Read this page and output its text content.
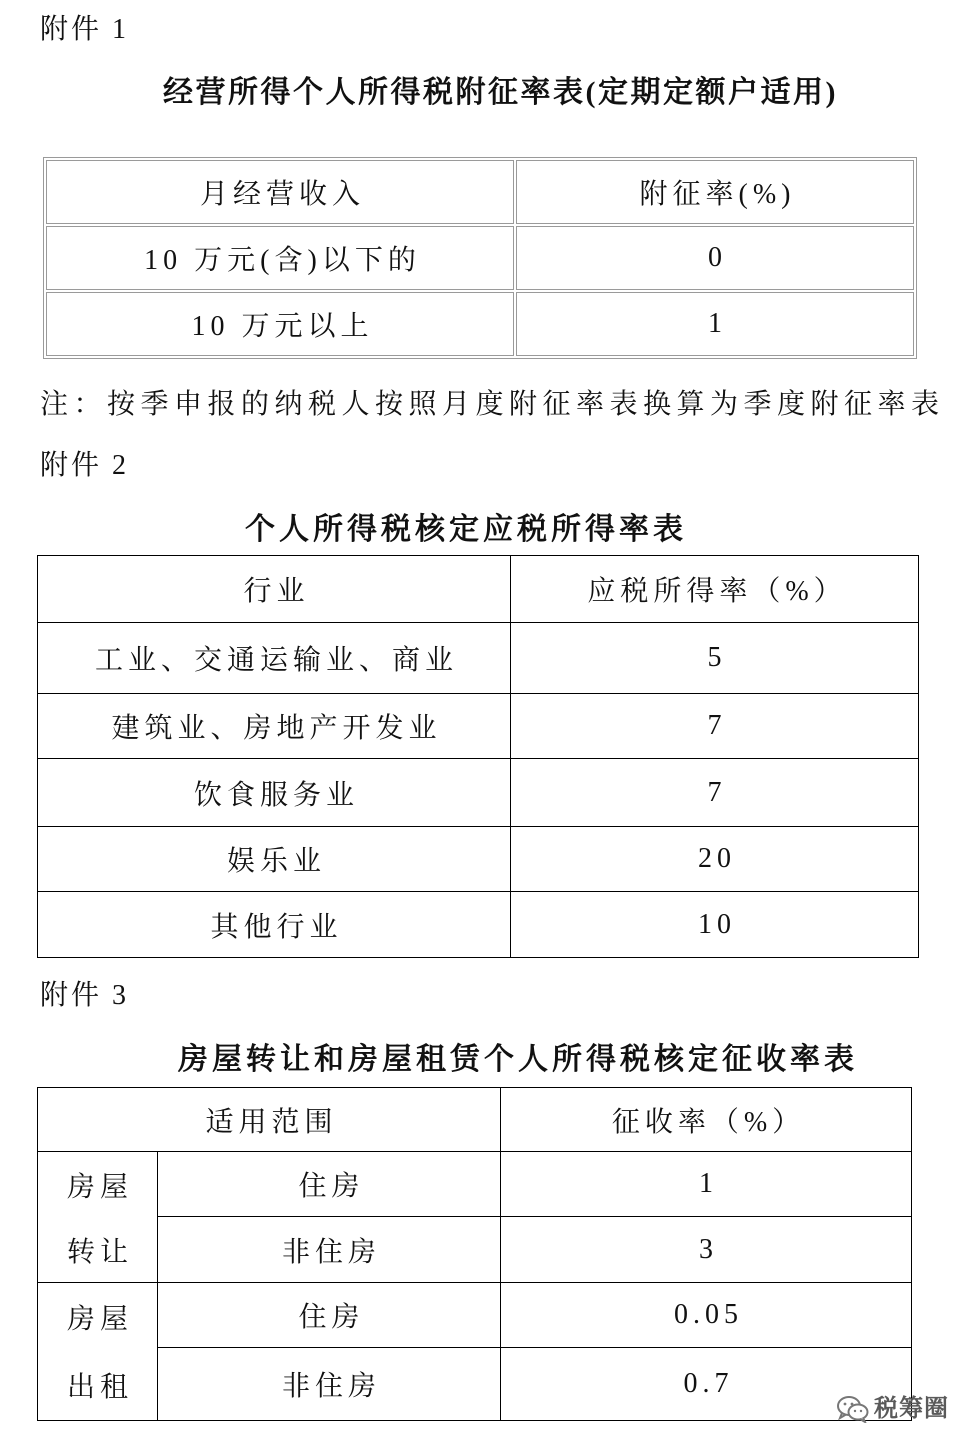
附件 1
经营所得个人所得税附征率表(定期定额户适用)
月经营收入	附征率(%)
10 万元(含)以下的	0
10 万元以上	1
注：按季申报的纳税人按照月度附征率表换算为季度附征率表
附件 2
个人所得税核定应税所得率表
行业	应税所得率（%）
工业、交通运输业、商业	5
建筑业、房地产开发业	7
饮食服务业	7
娱乐业	20
其他行业	10
附件 3
房屋转让和房屋租赁个人所得税核定征收率表
适用范围		征收率（%）

房屋
转让	住房	1
	非住房	3

房屋
出租	住房	0.05
	非住房	0.7
税筹圈
